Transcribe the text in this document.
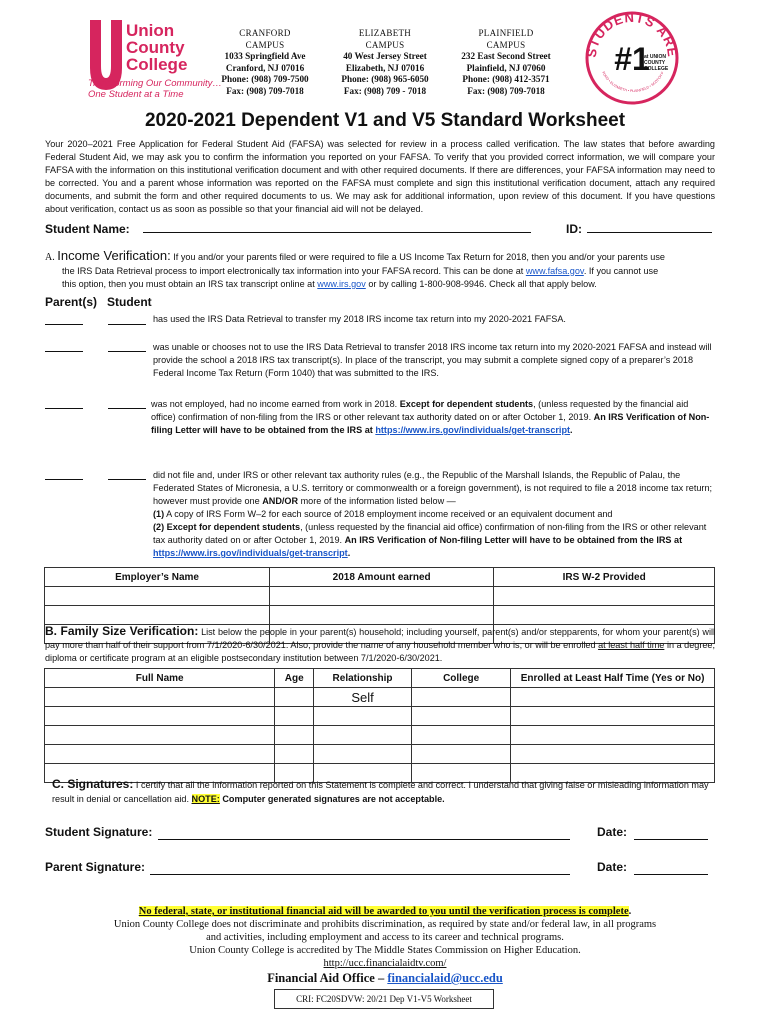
Union
County
College
Transforming Our Community…
One Student at a Time
CRANFORD
CAMPUS
1033 Springfield Ave
Cranford, NJ 07016
Phone: (908) 709-7500
Fax: (908) 709-7018
ELIZABETH
CAMPUS
40 West Jersey Street
Elizabeth, NJ 07016
Phone: (908) 965-6050
Fax: (908) 709 - 7018
PLAINFIELD
CAMPUS
232 East Second Street
Plainfield, NJ 07060
Phone: (908) 412-3571
Fax: (908) 709-7018
STUDENTS ARE
#1
at UNION
COUNTY
COLLEGE
FORD • ELIZABETH • PLAINFIELD • SCOTCH P
2020-2021 Dependent V1 and V5 Standard Worksheet
Your 2020–2021 Free Application for Federal Student Aid (FAFSA) was selected for review in a process called verification. The law states that before awarding Federal Student Aid, we may ask you to confirm the information you reported on your FAFSA. To verify that you provided correct information, we will compare your FAFSA with the information on this institutional verification document and with other required documents. If there are differences, your FAFSA information may need to be corrected. You and a parent whose information was reported on the FAFSA must complete and sign this institutional verification document, attach any required documents, and submit the form and other required documents to us. We may ask for additional information, upon review of this document. If you have questions about verification, contact us as soon as possible so that your financial aid will not be delayed.
Student Name:	ID:
A. Income Verification: If you and/or your parents filed or were required to file a US Income Tax Return for 2018, then you and/or your parents use
the IRS Data Retrieval process to import electronically tax information into your FAFSA record. This can be done at www.fafsa.gov. If you cannot use
this option, then you must obtain an IRS tax transcript online at www.irs.gov or by calling 1-800-908-9946. Check all that apply below.
Parent(s) Student
has used the IRS Data Retrieval to transfer my 2018 IRS income tax return into my 2020-2021 FAFSA.
was unable or chooses not to use the IRS Data Retrieval to transfer 2018 IRS income tax return into my 2020-2021 FAFSA and instead will provide the school a 2018 IRS tax transcript(s). In place of the transcript, you may submit a complete signed copy of a preparer’s 2018 Federal Income Tax Return (Form 1040) that was submitted to the IRS.
was not employed, had no income earned from work in 2018. Except for dependent students, (unless requested by the financial aid office) confirmation of non-filing from the IRS or other relevant tax authority dated on or after October 1, 2019. An IRS Verification of Non-filing Letter will have to be obtained from the IRS at https://www.irs.gov/individuals/get-transcript.
did not file and, under IRS or other relevant tax authority rules (e.g., the Republic of the Marshall Islands, the Republic of Palau, the Federated States of Micronesia, a U.S. territory or commonwealth or a foreign government), is not required to file a 2018 income tax return; however must provide one AND/OR more of the information listed below —
(1) A copy of IRS Form W–2 for each source of 2018 employment income received or an equivalent document and
(2) Except for dependent students, (unless requested by the financial aid office) confirmation of non-filing from the IRS or other relevant tax authority dated on or after October 1, 2019. An IRS Verification of Non-filing Letter will have to be obtained from the IRS at https://www.irs.gov/individuals/get-transcript.
Employer’s Name	2018 Amount earned	IRS W-2 Provided

B. Family Size Verification: List below the people in your parent(s) household; including yourself, parent(s) and/or stepparents, for whom your parent(s) will pay more than half of their support from 7/1/2020-6/30/2021. Also, provide the name of any household member who is, or will be enrolled at least half time in a degree, diploma or certificate program at an eligible postsecondary institution between 7/1/2020-6/30/2021.
Full Name	Age	Relationship	College	Enrolled at Least Half Time (Yes or No)
		Self		

C. Signatures: I certify that all the information reported on this Statement is complete and correct. I understand that giving false or misleading information may result in denial or cancellation aid. NOTE: Computer generated signatures are not acceptable.
Student Signature:	Date:
Parent Signature:	Date:
No federal, state, or institutional financial aid will be awarded to you until the verification process is complete.
Union County College does not discriminate and prohibits discrimination, as required by state and/or federal law, in all programs
and activities, including employment and access to its career and technical programs.
Union County College is accredited by The Middle States Commission on Higher Education.
http://ucc.financialaidtv.com/
Financial Aid Office – financialaid@ucc.edu
CRI: FC20SDVW: 20/21 Dep V1-V5 Worksheet
